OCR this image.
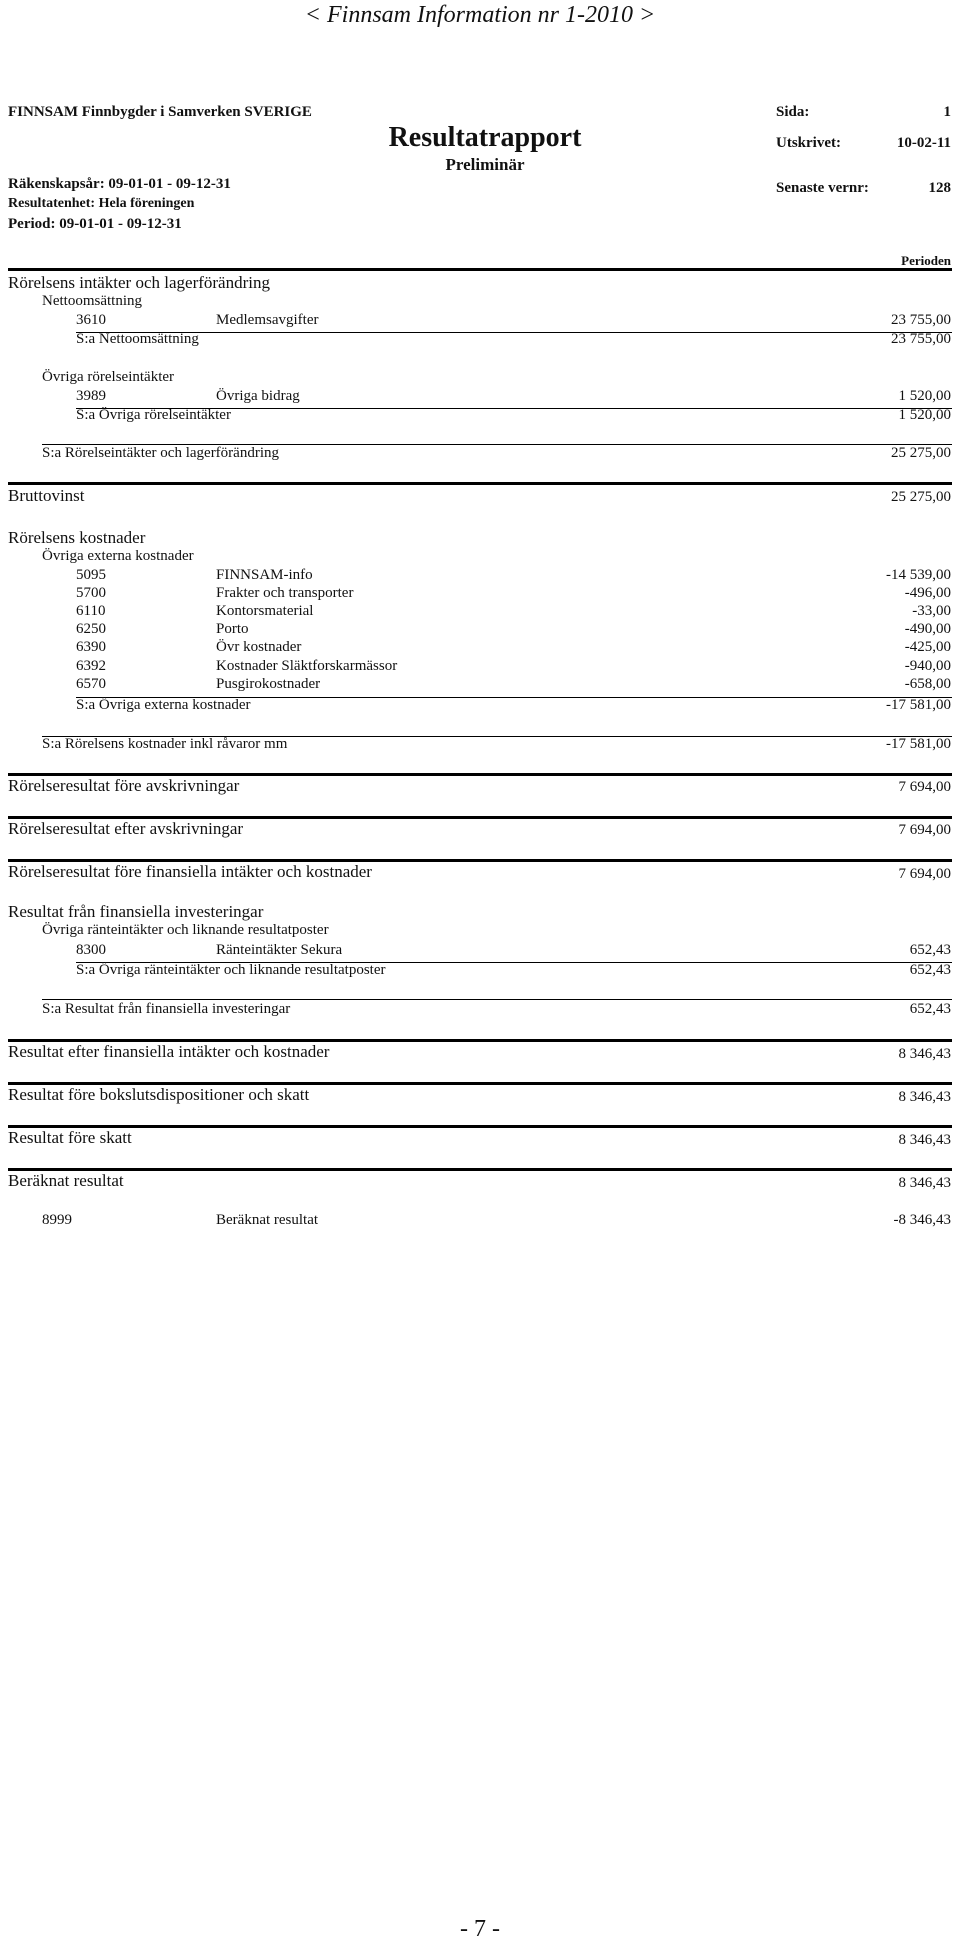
< Finnsam Information nr 1-2010 >
- 7 -
FINNSAM Finnbygder i Samverken SVERIGE
Resultatrapport
Preliminär
Räkenskapsår: 09-01-01 - 09-12-31
Resultatenhet: Hela föreningen
Period: 09-01-01 - 09-12-31
Sida:	1
Utskrivet:	10-02-11
Senaste vernr:	128
Perioden
Rörelsens intäkter och lagerförändring
Nettoomsättning
3610	Medlemsavgifter	23 755,00
S:a Nettoomsättning	23 755,00
Övriga rörelseintäkter
3989	Övriga bidrag	1 520,00
S:a Övriga rörelseintäkter	1 520,00
S:a Rörelseintäkter och lagerförändring	25 275,00
Bruttovinst	25 275,00
Rörelsens kostnader
Övriga externa kostnader
5095	FINNSAM-info	-14 539,00
5700	Frakter och transporter	-496,00
6110	Kontorsmaterial	-33,00
6250	Porto	-490,00
6390	Övr kostnader	-425,00
6392	Kostnader Släktforskarmässor	-940,00
6570	Pusgirokostnader	-658,00
S:a Övriga externa kostnader	-17 581,00
S:a Rörelsens kostnader inkl råvaror mm	-17 581,00
Rörelseresultat före avskrivningar	7 694,00
Rörelseresultat efter avskrivningar	7 694,00
Rörelseresultat före finansiella intäkter och kostnader	7 694,00
Resultat från finansiella investeringar
Övriga ränteintäkter och liknande resultatposter
8300	Ränteintäkter Sekura	652,43
S:a Övriga ränteintäkter och liknande resultatposter	652,43
S:a Resultat från finansiella investeringar	652,43
Resultat efter finansiella intäkter och kostnader	8 346,43
Resultat före bokslutsdispositioner och skatt	8 346,43
Resultat före skatt	8 346,43
Beräknat resultat	8 346,43
8999	Beräknat resultat	-8 346,43
